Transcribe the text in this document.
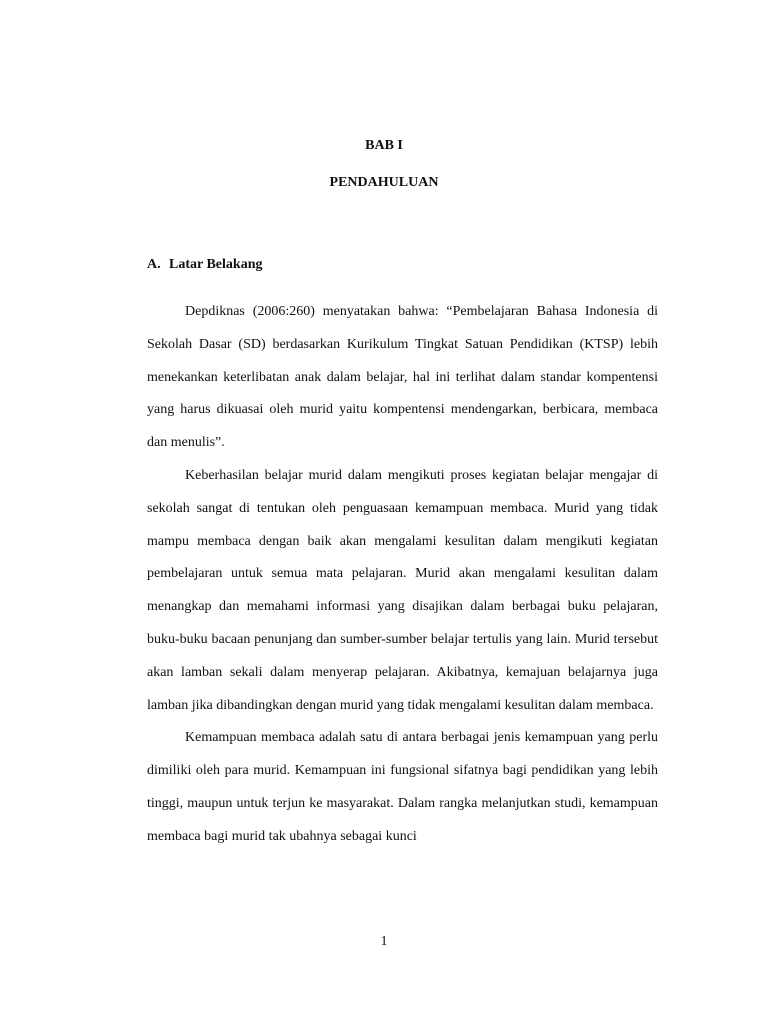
BAB I
PENDAHULUAN
A. Latar Belakang

Depdiknas (2006:260) menyatakan bahwa: “Pembelajaran Bahasa Indonesia di Sekolah Dasar (SD) berdasarkan Kurikulum Tingkat Satuan Pendidikan (KTSP) lebih menekankan keterlibatan anak dalam belajar, hal ini terlihat dalam standar kompentensi yang harus dikuasai oleh murid yaitu kompentensi mendengarkan, berbicara, membaca dan menulis”.

Keberhasilan belajar murid dalam mengikuti proses kegiatan belajar mengajar di sekolah sangat di tentukan oleh penguasaan kemampuan membaca. Murid yang tidak mampu membaca dengan baik akan mengalami kesulitan dalam mengikuti kegiatan pembelajaran untuk semua mata pelajaran. Murid akan mengalami kesulitan dalam menangkap dan memahami informasi yang disajikan dalam berbagai buku pelajaran, buku-buku bacaan penunjang dan sumber-sumber belajar tertulis yang lain. Murid tersebut akan lamban sekali dalam menyerap pelajaran. Akibatnya, kemajuan belajarnya juga lamban jika dibandingkan dengan murid yang tidak mengalami kesulitan dalam membaca.

Kemampuan membaca adalah satu di antara berbagai jenis kemampuan yang perlu dimiliki oleh para murid. Kemampuan ini fungsional sifatnya bagi pendidikan yang lebih tinggi, maupun untuk terjun ke masyarakat. Dalam rangka melanjutkan studi, kemampuan membaca bagi murid tak ubahnya sebagai kunci

1
